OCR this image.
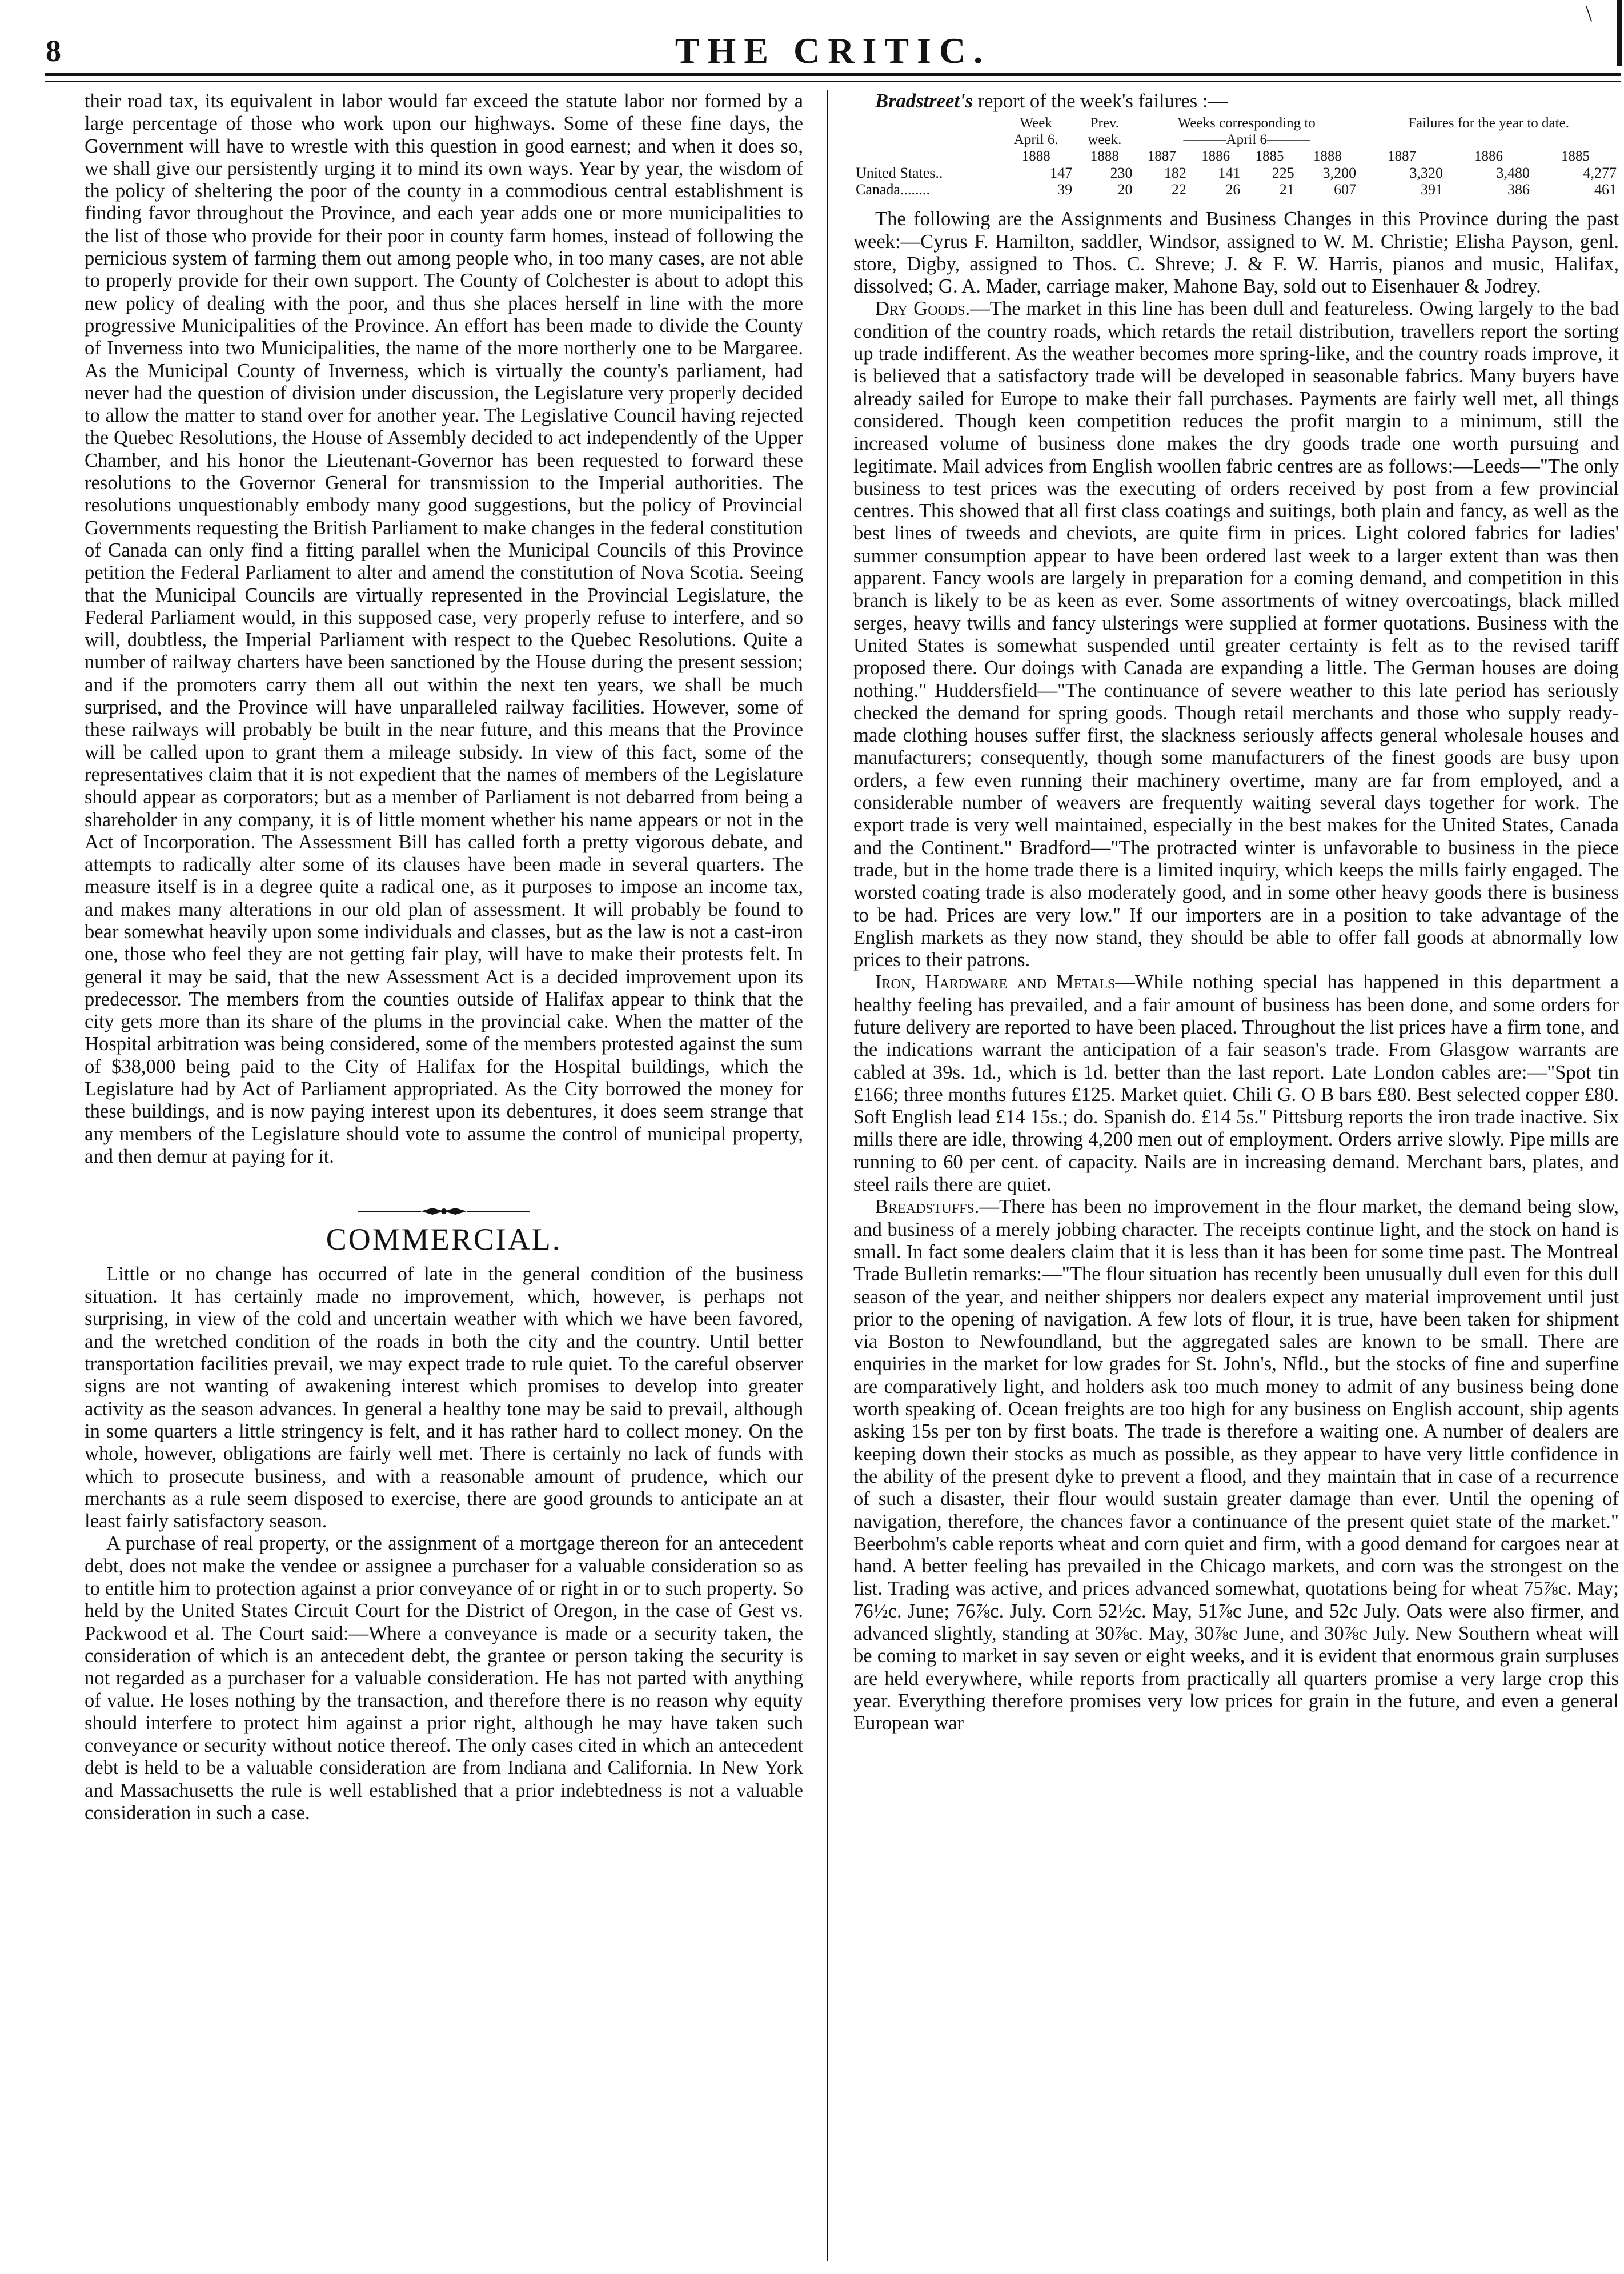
8	THE CRITIC.
\

their road tax, its equivalent in labor would far exceed the statute labor nor formed by a large percentage of those who work upon our highways. Some of these fine days, the Government will have to wrestle with this question in good earnest; and when it does so, we shall give our persistently urging it to mind its own ways. Year by year, the wisdom of the policy of sheltering the poor of the county in a commodious central establishment is finding favor throughout the Province, and each year adds one or more municipalities to the list of those who provide for their poor in county farm homes, instead of following the pernicious system of farming them out among people who, in too many cases, are not able to properly provide for their own support. The County of Colchester is about to adopt this new policy of dealing with the poor, and thus she places herself in line with the more progressive Municipalities of the Province. An effort has been made to divide the County of Inverness into two Municipalities, the name of the more northerly one to be Margaree. As the Municipal County of Inverness, which is virtually the county's parliament, had never had the question of division under discussion, the Legislature very properly decided to allow the matter to stand over for another year. The Legislative Council having rejected the Quebec Resolutions, the House of Assembly decided to act independently of the Upper Chamber, and his honor the Lieutenant-Governor has been requested to forward these resolutions to the Governor General for transmission to the Imperial authorities. The resolutions unquestionably embody many good suggestions, but the policy of Provincial Governments requesting the British Parliament to make changes in the federal constitution of Canada can only find a fitting parallel when the Municipal Councils of this Province petition the Federal Parliament to alter and amend the constitution of Nova Scotia. Seeing that the Municipal Councils are virtually represented in the Provincial Legislature, the Federal Parliament would, in this supposed case, very properly refuse to interfere, and so will, doubtless, the Imperial Parliament with respect to the Quebec Resolutions. Quite a number of railway charters have been sanctioned by the House during the present session; and if the promoters carry them all out within the next ten years, we shall be much surprised, and the Province will have unparalleled railway facilities. However, some of these railways will probably be built in the near future, and this means that the Province will be called upon to grant them a mileage subsidy. In view of this fact, some of the representatives claim that it is not expedient that the names of members of the Legislature should appear as corporators; but as a member of Parliament is not debarred from being a shareholder in any company, it is of little moment whether his name appears or not in the Act of Incorporation. The Assessment Bill has called forth a pretty vigorous debate, and attempts to radically alter some of its clauses have been made in several quarters. The measure itself is in a degree quite a radical one, as it purposes to impose an income tax, and makes many alterations in our old plan of assessment. It will probably be found to bear somewhat heavily upon some individuals and classes, but as the law is not a cast-iron one, those who feel they are not getting fair play, will have to make their protests felt. In general it may be said, that the new Assessment Act is a decided improvement upon its predecessor. The members from the counties outside of Halifax appear to think that the city gets more than its share of the plums in the provincial cake. When the matter of the Hospital arbitration was being considered, some of the members protested against the sum of $38,000 being paid to the City of Halifax for the Hospital buildings, which the Legislature had by Act of Parliament appropriated. As the City borrowed the money for these buildings, and is now paying interest upon its debentures, it does seem strange that any members of the Legislature should vote to assume the control of municipal property, and then demur at paying for it.

COMMERCIAL.

Little or no change has occurred of late in the general condition of the business situation. It has certainly made no improvement, which, however, is perhaps not surprising, in view of the cold and uncertain weather with which we have been favored, and the wretched condition of the roads in both the city and the country. Until better transportation facilities prevail, we may expect trade to rule quiet. To the careful observer signs are not wanting of awakening interest which promises to develop into greater activity as the season advances. In general a healthy tone may be said to prevail, although in some quarters a little stringency is felt, and it has rather hard to collect money. On the whole, however, obligations are fairly well met. There is certainly no lack of funds with which to prosecute business, and with a reasonable amount of prudence, which our merchants as a rule seem disposed to exercise, there are good grounds to anticipate an at least fairly satisfactory season.

A purchase of real property, or the assignment of a mortgage thereon for an antecedent debt, does not make the vendee or assignee a purchaser for a valuable consideration so as to entitle him to protection against a prior conveyance of or right in or to such property. So held by the United States Circuit Court for the District of Oregon, in the case of Gest vs. Packwood et al. The Court said:—Where a conveyance is made or a security taken, the consideration of which is an antecedent debt, the grantee or person taking the security is not regarded as a purchaser for a valuable consideration. He has not parted with anything of value. He loses nothing by the transaction, and therefore there is no reason why equity should interfere to protect him against a prior right, although he may have taken such conveyance or security without notice thereof. The only cases cited in which an antecedent debt is held to be a valuable consideration are from Indiana and California. In New York and Massachusetts the rule is well established that a prior indebtedness is not a valuable consideration in such a case.

Bradstreet's report of the week's failures :—

	Week	Prev.	Weeks corresponding to				Failures for the year to date.		
	April 6.	week.	———April 6———						
	1888	1888	1887	1886	1885	1888	1887	1886	1885
United States..	147	230	182	141	225	3,200	3,320	3,480	4,277
Canada........	39	20	22	26	21	607	391	386	461

The following are the Assignments and Business Changes in this Province during the past week:—Cyrus F. Hamilton, saddler, Windsor, assigned to W. M. Christie; Elisha Payson, genl. store, Digby, assigned to Thos. C. Shreve; J. & F. W. Harris, pianos and music, Halifax, dissolved; G. A. Mader, carriage maker, Mahone Bay, sold out to Eisenhauer & Jodrey.

Dry Goods.—The market in this line has been dull and featureless. Owing largely to the bad condition of the country roads, which retards the retail distribution, travellers report the sorting up trade indifferent. As the weather becomes more spring-like, and the country roads improve, it is believed that a satisfactory trade will be developed in seasonable fabrics. Many buyers have already sailed for Europe to make their fall purchases. Payments are fairly well met, all things considered. Though keen competition reduces the profit margin to a minimum, still the increased volume of business done makes the dry goods trade one worth pursuing and legitimate. Mail advices from English woollen fabric centres are as follows:—Leeds—"The only business to test prices was the executing of orders received by post from a few provincial centres. This showed that all first class coatings and suitings, both plain and fancy, as well as the best lines of tweeds and cheviots, are quite firm in prices. Light colored fabrics for ladies' summer consumption appear to have been ordered last week to a larger extent than was then apparent. Fancy wools are largely in preparation for a coming demand, and competition in this branch is likely to be as keen as ever. Some assortments of witney overcoatings, black milled serges, heavy twills and fancy ulsterings were supplied at former quotations. Business with the United States is somewhat suspended until greater certainty is felt as to the revised tariff proposed there. Our doings with Canada are expanding a little. The German houses are doing nothing." Huddersfield—"The continuance of severe weather to this late period has seriously checked the demand for spring goods. Though retail merchants and those who supply ready-made clothing houses suffer first, the slackness seriously affects general wholesale houses and manufacturers; consequently, though some manufacturers of the finest goods are busy upon orders, a few even running their machinery overtime, many are far from employed, and a considerable number of weavers are frequently waiting several days together for work. The export trade is very well maintained, especially in the best makes for the United States, Canada and the Continent." Bradford—"The protracted winter is unfavorable to business in the piece trade, but in the home trade there is a limited inquiry, which keeps the mills fairly engaged. The worsted coating trade is also moderately good, and in some other heavy goods there is business to be had. Prices are very low." If our importers are in a position to take advantage of the English markets as they now stand, they should be able to offer fall goods at abnormally low prices to their patrons.

Iron, Hardware and Metals—While nothing special has happened in this department a healthy feeling has prevailed, and a fair amount of business has been done, and some orders for future delivery are reported to have been placed. Throughout the list prices have a firm tone, and the indications warrant the anticipation of a fair season's trade. From Glasgow warrants are cabled at 39s. 1d., which is 1d. better than the last report. Late London cables are:—"Spot tin £166; three months futures £125. Market quiet. Chili G. O B bars £80. Best selected copper £80. Soft English lead £14 15s.; do. Spanish do. £14 5s." Pittsburg reports the iron trade inactive. Six mills there are idle, throwing 4,200 men out of employment. Orders arrive slowly. Pipe mills are running to 60 per cent. of capacity. Nails are in increasing demand. Merchant bars, plates, and steel rails there are quiet.

Breadstuffs.—There has been no improvement in the flour market, the demand being slow, and business of a merely jobbing character. The receipts continue light, and the stock on hand is small. In fact some dealers claim that it is less than it has been for some time past. The Montreal Trade Bulletin remarks:—"The flour situation has recently been unusually dull even for this dull season of the year, and neither shippers nor dealers expect any material improvement until just prior to the opening of navigation. A few lots of flour, it is true, have been taken for shipment via Boston to Newfoundland, but the aggregated sales are known to be small. There are enquiries in the market for low grades for St. John's, Nfld., but the stocks of fine and superfine are comparatively light, and holders ask too much money to admit of any business being done worth speaking of. Ocean freights are too high for any business on English account, ship agents asking 15s per ton by first boats. The trade is therefore a waiting one. A number of dealers are keeping down their stocks as much as possible, as they appear to have very little confidence in the ability of the present dyke to prevent a flood, and they maintain that in case of a recurrence of such a disaster, their flour would sustain greater damage than ever. Until the opening of navigation, therefore, the chances favor a continuance of the present quiet state of the market." Beerbohm's cable reports wheat and corn quiet and firm, with a good demand for cargoes near at hand. A better feeling has prevailed in the Chicago markets, and corn was the strongest on the list. Trading was active, and prices advanced somewhat, quotations being for wheat 75⅞c. May; 76½c. June; 76⅞c. July. Corn 52½c. May, 51⅞c June, and 52c July. Oats were also firmer, and advanced slightly, standing at 30⅞c. May, 30⅞c June, and 30⅞c July. New Southern wheat will be coming to market in say seven or eight weeks, and it is evident that enormous grain surpluses are held everywhere, while reports from practically all quarters promise a very large crop this year. Everything therefore promises very low prices for grain in the future, and even a general European war
